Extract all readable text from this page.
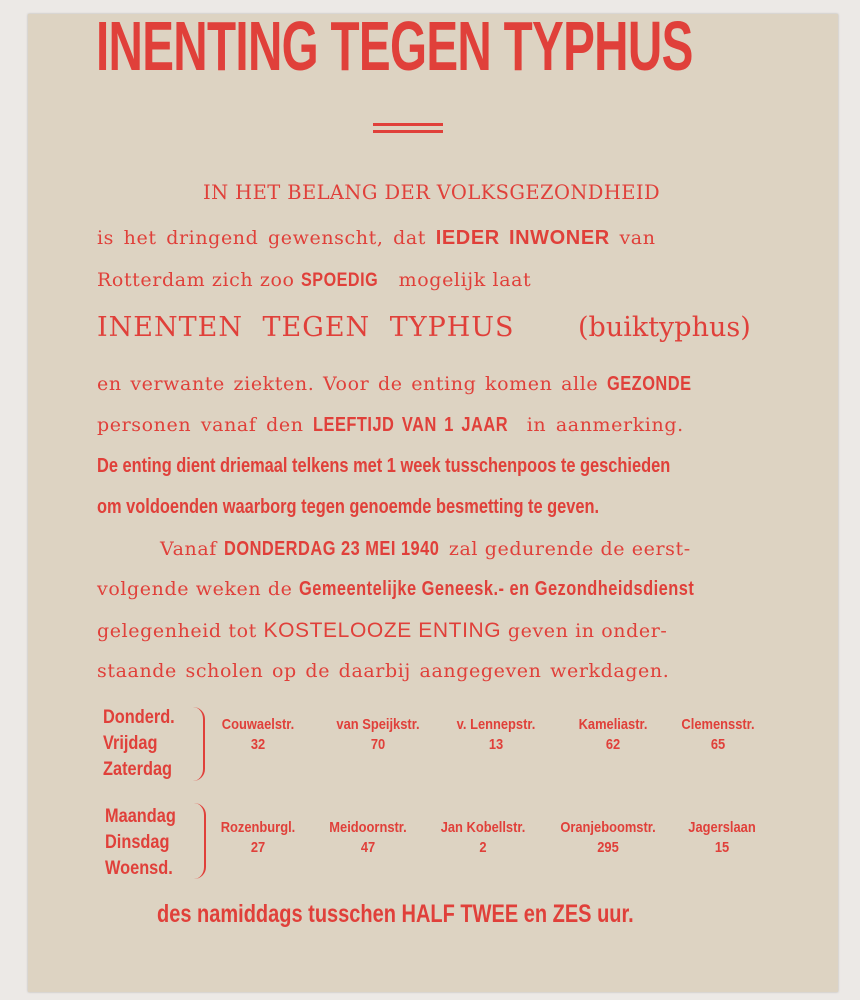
INENTING TEGEN TYPHUS
IN HET BELANG DER VOLKSGEZONDHEID
is het dringend gewenscht, dat IEDER INWONER van
Rotterdam zich zoo SPOEDIG mogelijk laat
INENTEN TEGEN TYPHUS (buiktyphus)
en verwante ziekten. Voor de enting komen alle GEZONDE
personen vanaf den LEEFTIJD VAN 1 JAAR in aanmerking.
De enting dient driemaal telkens met 1 week tusschenpoos te geschieden
om voldoenden waarborg tegen genoemde besmetting te geven.
Vanaf DONDERDAG 23 MEI 1940 zal gedurende de eerst-
volgende weken de Gemeentelijke Geneesk.- en Gezondheidsdienst
gelegenheid tot KOSTELOOZE ENTING geven in onder-
staande scholen op de daarbij aangegeven werkdagen.
Donderd.
Vrijdag
Zaterdag
Couwaelstr.
32
van Speijkstr.
70
v. Lennepstr.
13
Kameliastr.
62
Clemensstr.
65
Maandag
Dinsdag
Woensd.
Rozenburgl.
27
Meidoornstr.
47
Jan Kobellstr.
2
Oranjeboomstr.
295
Jagerslaan
15
des namiddags tusschen HALF TWEE en ZES uur.
